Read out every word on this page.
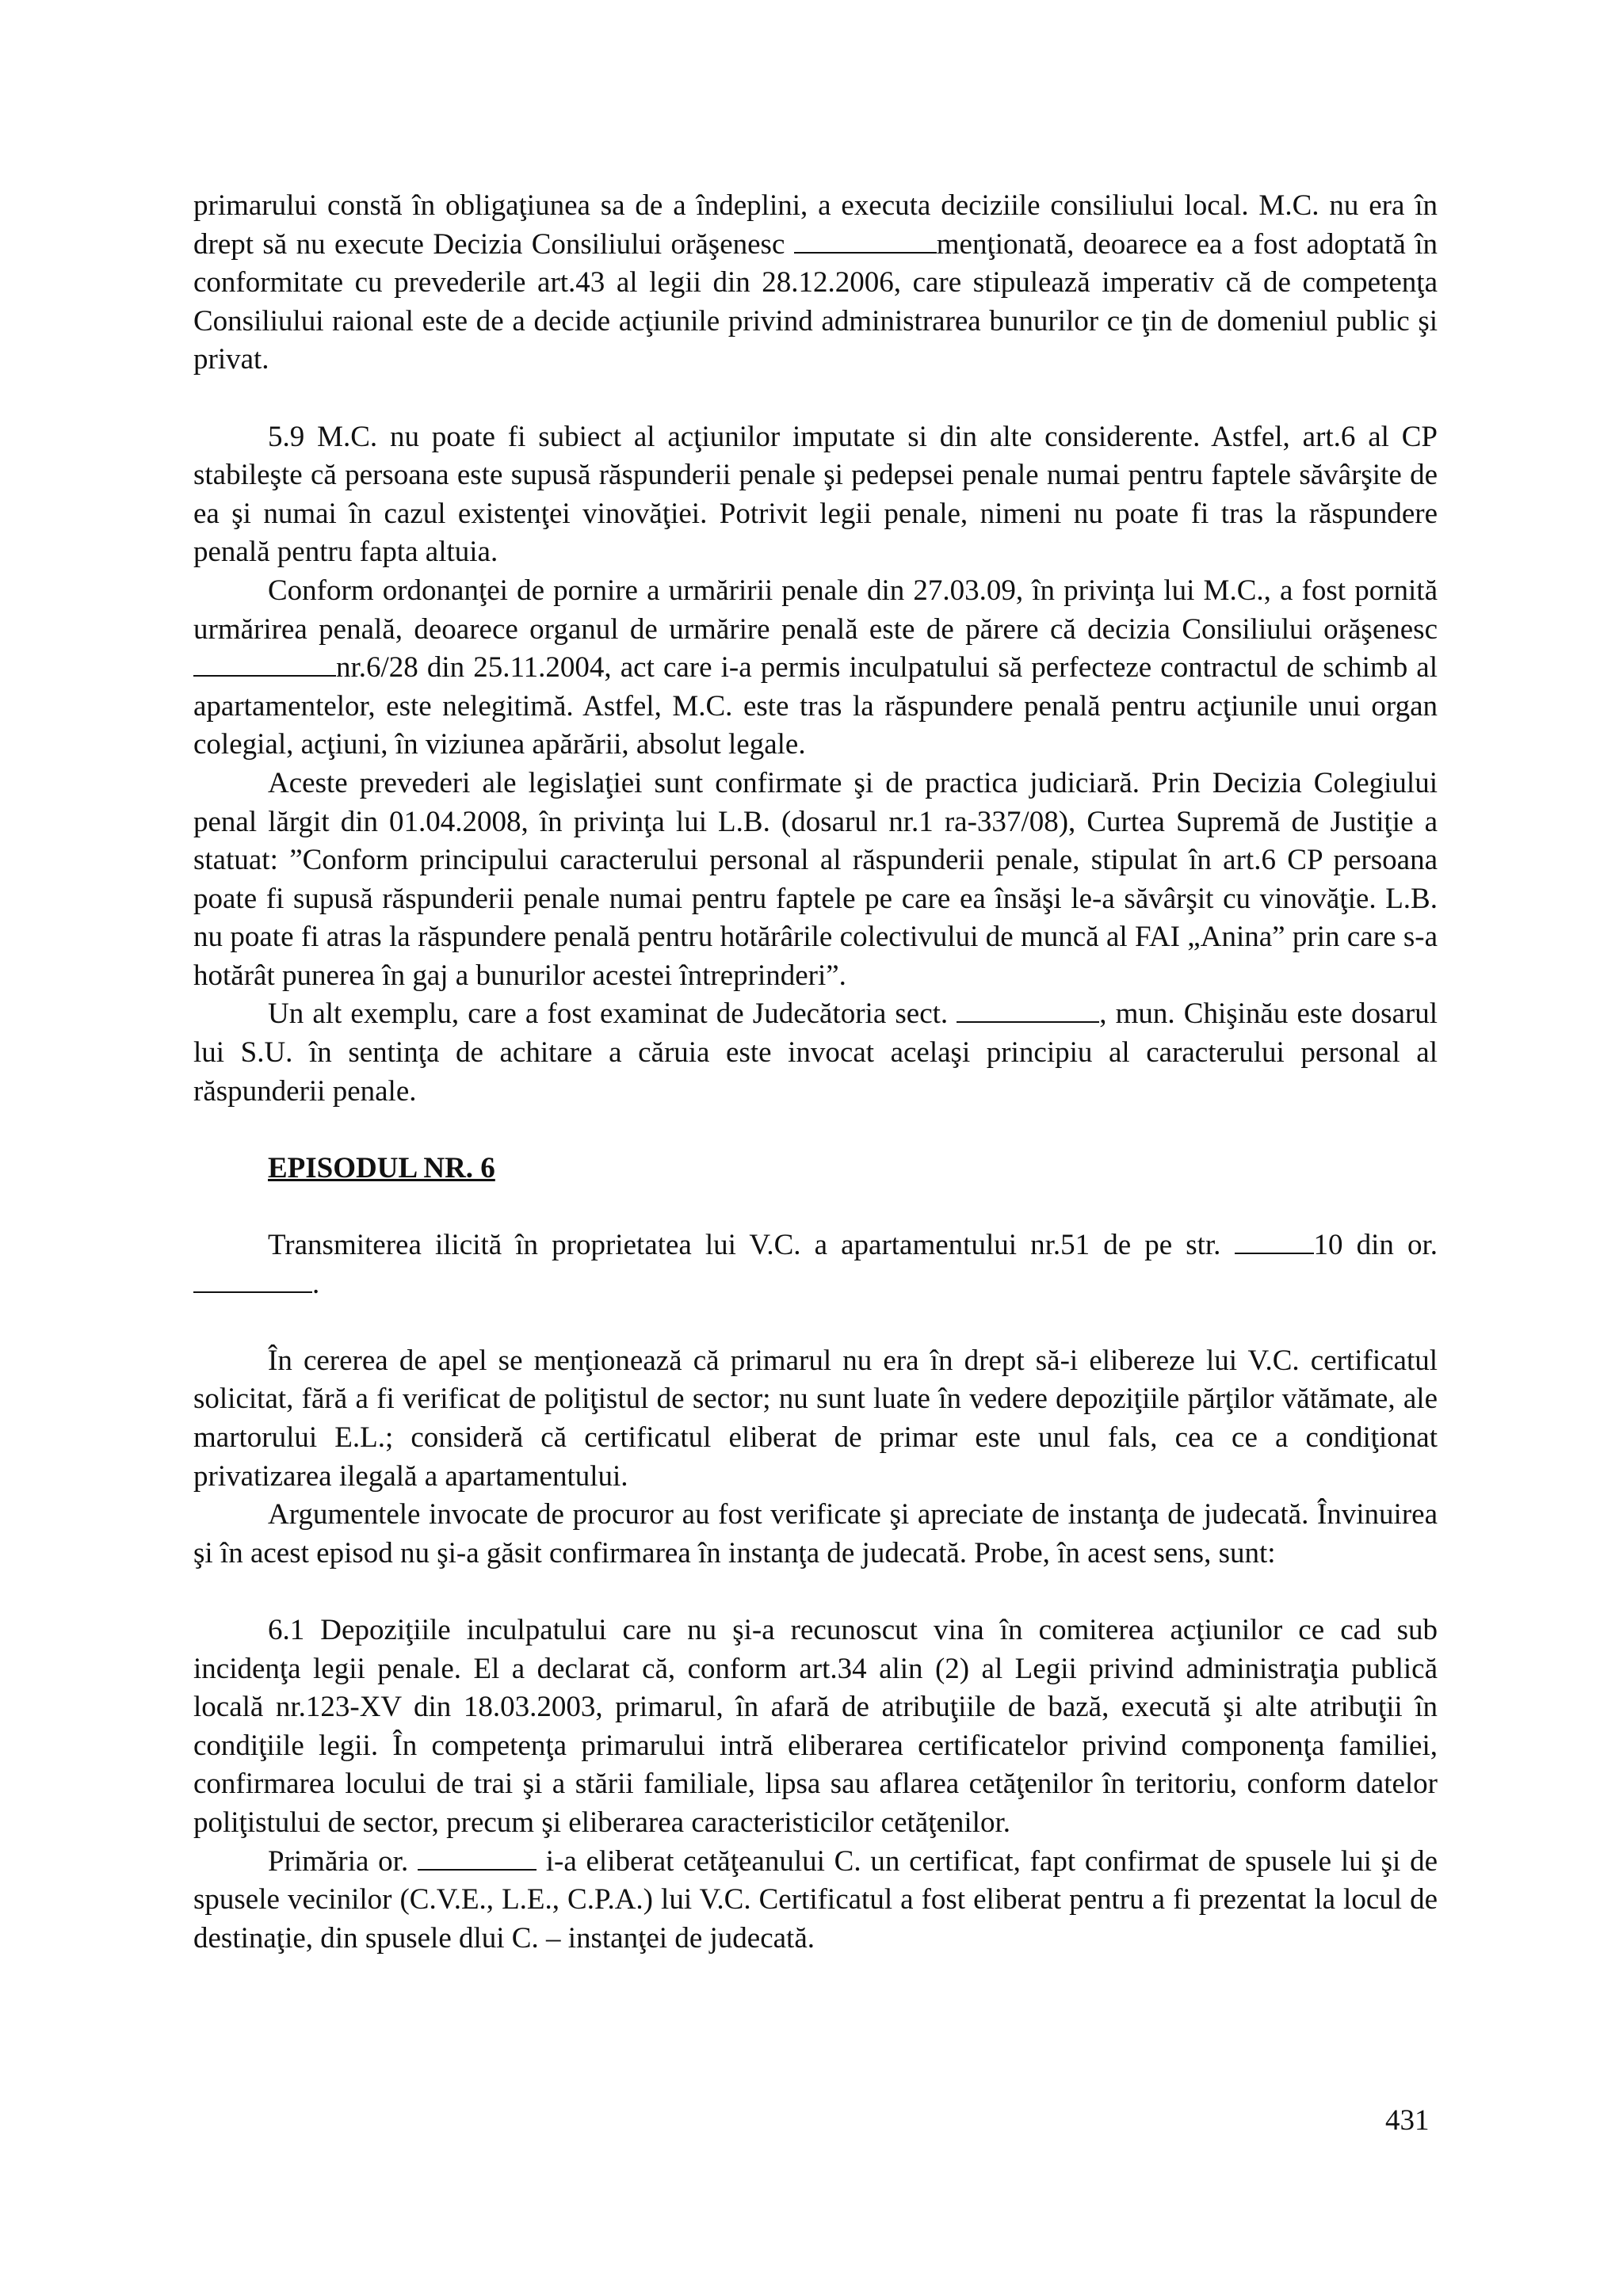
primarului constă în obligaţiunea sa de a îndeplini, a executa deciziile consiliului local. M.C. nu era în drept să nu execute Decizia Consiliului orăşenesc	menţionată, deoarece ea a fost adoptată în conformitate cu prevederile art.43 al legii din 28.12.2006, care stipulează imperativ că de competenţa Consiliului raional este de a decide acţiunile privind administrarea bunurilor ce ţin de domeniul public şi privat.

5.9 M.C. nu poate fi subiect al acţiunilor imputate si din alte considerente. Astfel, art.6 al CP stabileşte că persoana este supusă răspunderii penale şi pedepsei penale numai pentru faptele săvârşite de ea şi numai în cazul existenţei vinovăţiei. Potrivit legii penale, nimeni nu poate fi tras la răspundere penală pentru fapta altuia.

Conform ordonanţei de pornire a urmăririi penale din 27.03.09, în privinţa lui M.C., a fost pornită urmărirea penală, deoarece organul de urmărire penală este de părere că decizia Consiliului orăşenesc nr.6/28 din 25.11.2004, act care i-a permis inculpatului să perfecteze contractul de schimb al apartamentelor, este nelegitimă. Astfel, M.C. este tras la răspundere penală pentru acţiunile unui organ colegial, acţiuni, în viziunea apărării, absolut legale.

Aceste prevederi ale legislaţiei sunt confirmate şi de practica judiciară. Prin Decizia Colegiului penal lărgit din 01.04.2008, în privinţa lui L.B. (dosarul nr.1 ra-337/08), Curtea Supremă de Justiţie a statuat: ”Conform principului caracterului personal al răspunderii penale, stipulat în art.6 CP persoana poate fi supusă răspunderii penale numai pentru faptele pe care ea însăşi le-a săvârşit cu vinovăţie. L.B. nu poate fi atras la răspundere penală pentru hotărârile colectivului de muncă al FAI „Anina” prin care s-a hotărât punerea în gaj a bunurilor acestei întreprinderi”.

Un alt exemplu, care a fost examinat de Judecătoria sect.	, mun. Chişinău este dosarul lui S.U. în sentinţa de achitare a căruia este invocat acelaşi principiu al caracterului personal al răspunderii penale.

EPISODUL NR. 6

Transmiterea ilicită în proprietatea lui V.C. a apartamentului nr.51 de pe str.	10 din or. .

În cererea de apel se menţionează că primarul nu era în drept să-i elibereze lui V.C. certificatul solicitat, fără a fi verificat de poliţistul de sector; nu sunt luate în vedere depoziţiile părţilor vătămate, ale martorului E.L.; consideră că certificatul eliberat de primar este unul fals, cea ce a condiţionat privatizarea ilegală a apartamentului.

Argumentele invocate de procuror au fost verificate şi apreciate de instanţa de judecată. Învinuirea şi în acest episod nu şi-a găsit confirmarea în instanţa de judecată. Probe, în acest sens, sunt:

6.1 Depoziţiile inculpatului care nu şi-a recunoscut vina în comiterea acţiunilor ce cad sub incidenţa legii penale. El a declarat că, conform art.34 alin (2) al Legii privind administraţia publică locală nr.123-XV din 18.03.2003, primarul, în afară de atribuţiile de bază, execută şi alte atribuţii în condiţiile legii. În competenţa primarului intră eliberarea certificatelor privind componenţa familiei, confirmarea locului de trai şi a stării familiale, lipsa sau aflarea cetăţenilor în teritoriu, conform datelor poliţistului de sector, precum şi eliberarea caracteristicilor cetăţenilor.

Primăria or.	i-a eliberat cetăţeanului C. un certificat, fapt confirmat de spusele lui şi de spusele vecinilor (C.V.E., L.E., C.P.A.) lui V.C. Certificatul a fost eliberat pentru a fi prezentat la locul de destinaţie, din spusele dlui C. – instanţei de judecată.

431
